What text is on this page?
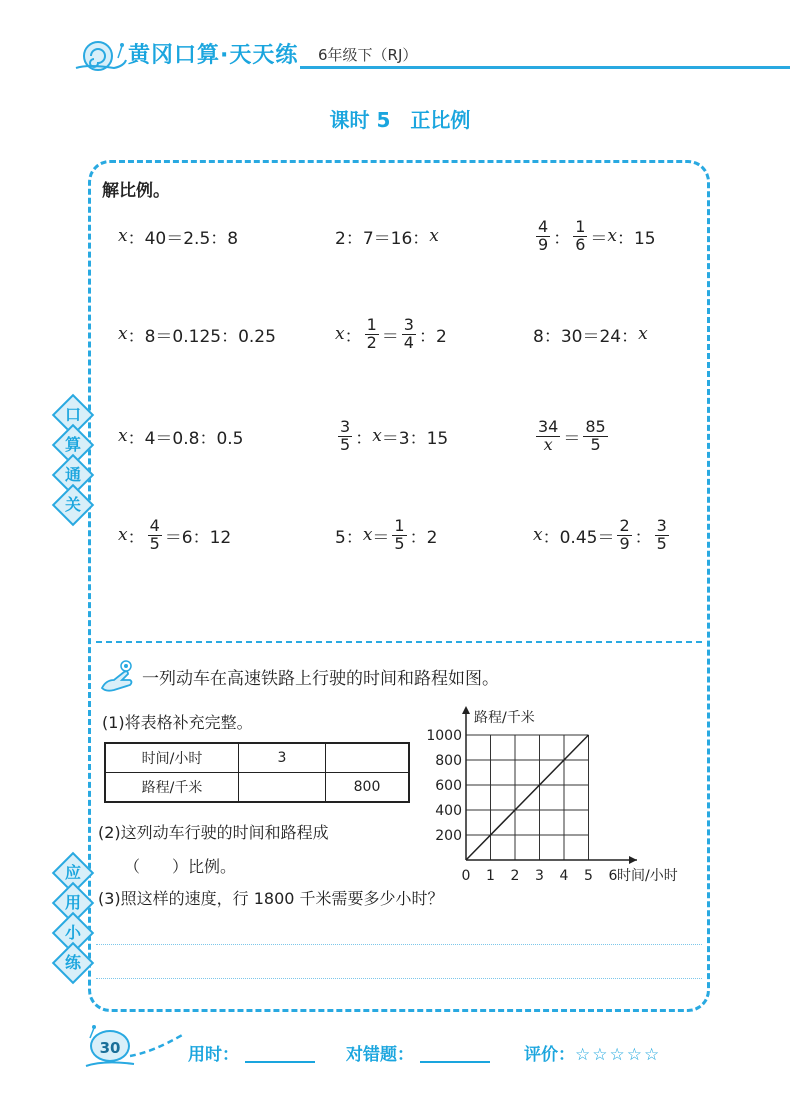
黄冈口算·天天练 6年级下（RJ）
课时 5　正比例
口
算
通
关
应
用
小
练
解比例。
x ：40＝2.5：8	2：7＝16： x	$\frac{4}{9}$ ： $\frac{1}{6} = x$ ：15
x ：8＝0.125：0.25	x ： $\frac{1}{2} = \frac{3}{4}$ ：2	8：30＝24： x
x ：4＝0.8：0.5	$\frac{3}{5}$ ： x ＝3：15	$\frac{34}{x} = \frac{85}{5}$
x ： $\frac{4}{5} =6$：12	5： $x = \frac{1}{5}$ ：2	x ：$0.45= \frac{2}{9}$ ： $\frac{3}{5}$
一列动车在高速铁路上行驶的时间和路程如图。
(1)将表格补充完整。
时间/小时	3	
路程/千米		800
(2)这列动车行驶的时间和路程成
（　　）比例。
(3)照这样的速度，行 1800 千米需要多少小时？
0 1 2 3 4 5 6
200
400
600
800
1000
时间/小时
路程/千米
30	用时：	对错题：	评价：☆☆☆☆☆
